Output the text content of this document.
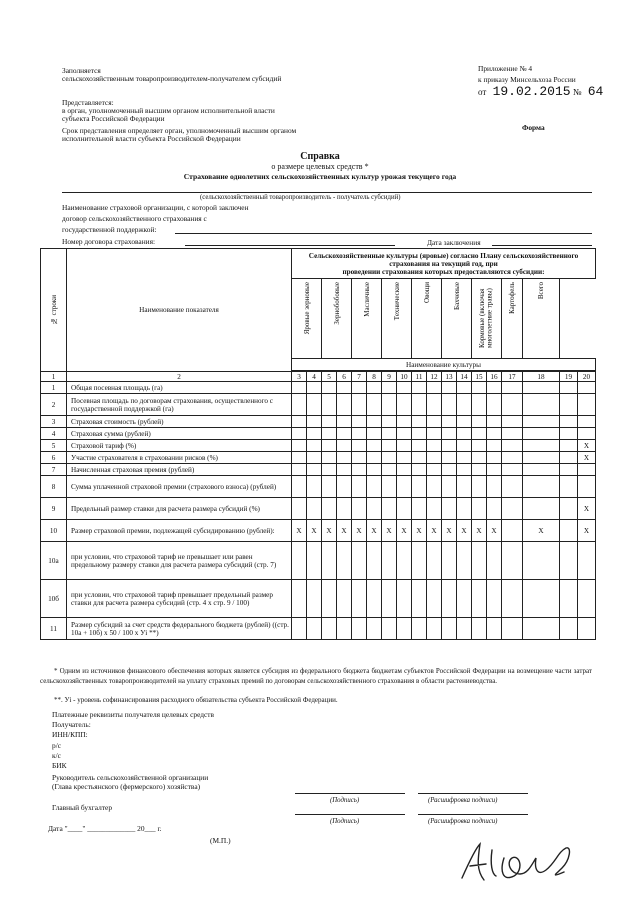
Заполняется
сельскохозяйственным товаропроизводителем-получателем субсидий
Представляется:
в орган, уполномоченный высшим органом исполнительной власти
субъекта Российской Федерации
Срок представления определяет орган, уполномоченный высшим органом
исполнительной власти субъекта Российской Федерации
Приложение № 4
к приказу Минсельхоза России
от 19.02.2015 № 64
Форма
Справка
о размере целевых средств *
Страхование однолетних сельскохозяйственных культур урожая текущего года
(сельскохозяйственный товаропроизводитель - получатель субсидий)
Наименование страховой организации, с которой заключен
договор сельскохозяйственного страхования с
государственной поддержкой:
Номер договора страхования:	Дата заключения
№ строки	Наименование показателя	Сельскохозяйственные культуры (яровые) согласно Плану сельскохозяйственного страхования на текущий год, при
проведении страхования которых предоставляются субсидии:																	

		Яровые зерновые		Зернобобовые		Масличные		Технические		Овощи		Бахчевые		Кормовые (включая многолетние травы)		Картофель	Всего		

		Наименование культуры																	

1	2	3	4	5	6	7	8	9	10	11	12	13	14	15	16	17	18	19	20
1	Общая посевная площадь (га)																		
2	Посевная площадь по договорам страхования, осуществленного с государственной поддержкой (га)																		
3	Страховая стоимость (рублей)																		
4	Страховая сумма (рублей)																		
5	Страховой тариф (%)																		X
6	Участие страхователя в страховании рисков (%)																		X
7	Начисленная страховая премия (рублей)																		
8	Сумма уплаченной страховой премии (страхового взноса) (рублей)																		
9	Предельный размер ставки для расчета размера субсидий (%)																		X
10	Размер страховой премии, подлежащей субсидированию (рублей):	X	X	X	X	X	X	X	X	X	X	X	X	X	X		X		X
10а	при условии, что страховой тариф не превышает или равен предельному размеру ставки для расчета размера субсидий (стр. 7)																		
10б	при условии, что страховой тариф превышает предельный размер ставки для расчета размера субсидий (стр. 4 х стр. 9 / 100)																		
11	Размер субсидий за счет средств федерального бюджета (рублей) ((стр. 10а + 10б) х 50 / 100 х Уi **)																		
* Одним из источников финансового обеспечения которых является субсидия из федерального бюджета бюджетам субъектов Российской Федерации на возмещение части затрат сельскохозяйственных товаропроизводителей на уплату страховых премий по договорам сельскохозяйственного страхования в области растениеводства.
**. Уi - уровень софинансирования расходного обязательства субъекта Российской Федерации.
Платежные реквизиты получателя целевых средств
Получатель:
ИНН/КПП:
р/с
к/с
БИК
Руководитель сельскохозяйственной организации
(Глава крестьянского (фермерского) хозяйства)
Главный бухгалтер
(Подпись)	(Расшифровка подписи)
(Подпись)	(Расшифровка подписи)
Дата "____" _____________ 20___ г.
(М.П.)
